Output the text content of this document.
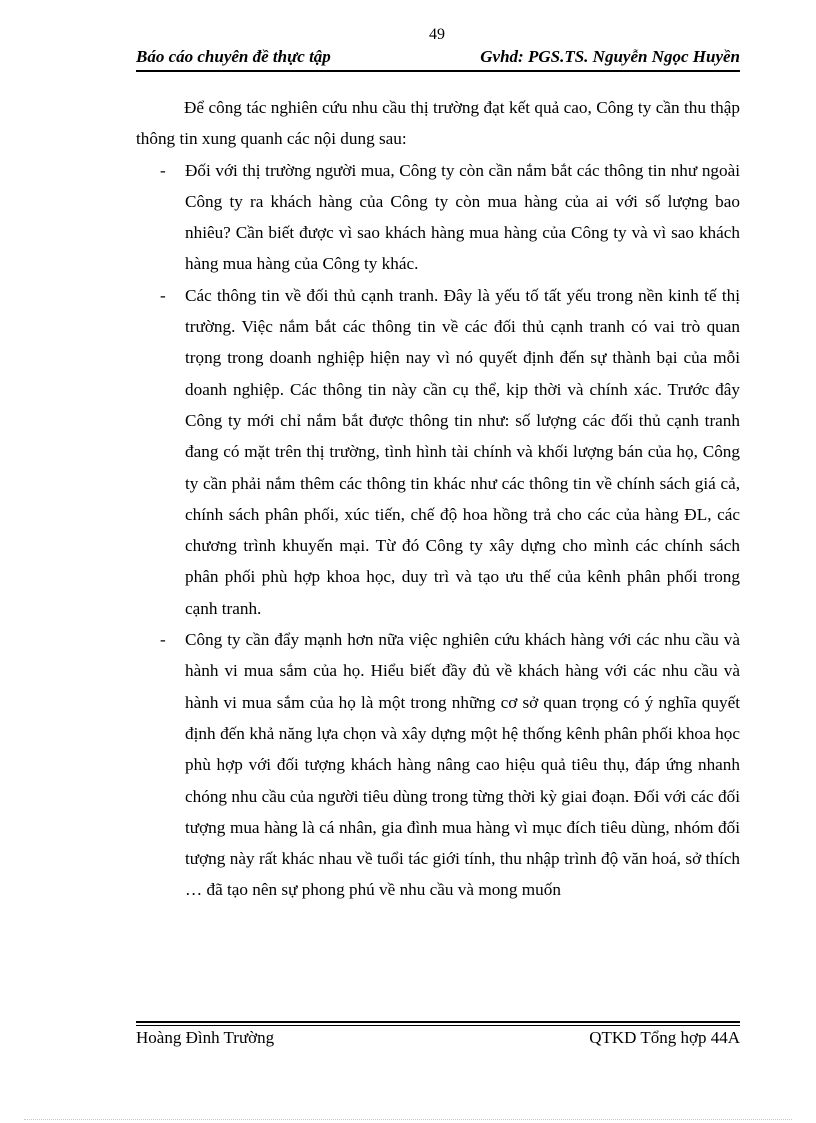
49
Báo cáo chuyên đề thực tập	Gvhd: PGS.TS. Nguyễn Ngọc Huyền

Để công tác nghiên cứu nhu cầu thị trường đạt kết quả cao, Công ty cần thu thập thông tin xung quanh các nội dung sau:

- Đối với thị trường người mua, Công ty còn cần nắm bắt các thông tin như ngoài Công ty ra khách hàng của Công ty còn mua hàng của ai với số lượng bao nhiêu? Cần biết được vì sao khách hàng mua hàng của Công ty và vì sao khách hàng mua hàng của Công ty khác.
- Các thông tin về đối thủ cạnh tranh. Đây là yếu tố tất yếu trong nền kinh tế thị trường. Việc nắm bắt các thông tin về các đối thủ cạnh tranh có vai trò quan trọng trong doanh nghiệp hiện nay vì nó quyết định đến sự thành bại của mỗi doanh nghiệp. Các thông tin này cần cụ thể, kịp thời và chính xác. Trước đây Công ty mới chỉ nắm bắt được thông tin như: số lượng các đối thủ cạnh tranh đang có mặt trên thị trường, tình hình tài chính và khối lượng bán của họ, Công ty cần phải nắm thêm các thông tin khác như các thông tin về chính sách giá cả, chính sách phân phối, xúc tiến, chế độ hoa hồng trả cho các của hàng ĐL, các chương trình khuyến mại. Từ đó Công ty xây dựng cho mình các chính sách phân phối phù hợp khoa học, duy trì và tạo ưu thế của kênh phân phối trong cạnh tranh.
- Công ty cần đẩy mạnh hơn nữa việc nghiên cứu khách hàng với các nhu cầu và hành vi mua sắm của họ. Hiểu biết đầy đủ về khách hàng với các nhu cầu và hành vi mua sắm của họ là một trong những cơ sở quan trọng có ý nghĩa quyết định đến khả năng lựa chọn và xây dựng một hệ thống kênh phân phối khoa học phù hợp với đối tượng khách hàng nâng cao hiệu quả tiêu thụ, đáp ứng nhanh chóng nhu cầu của người tiêu dùng trong từng thời kỳ giai đoạn. Đối với các đối tượng mua hàng là cá nhân, gia đình mua hàng vì mục đích tiêu dùng, nhóm đối tượng này rất khác nhau về tuổi tác giới tính, thu nhập trình độ văn hoá, sở thích … đã tạo nên sự phong phú về nhu cầu và mong muốn
Hoàng Đình Trường	QTKD Tổng hợp 44A
